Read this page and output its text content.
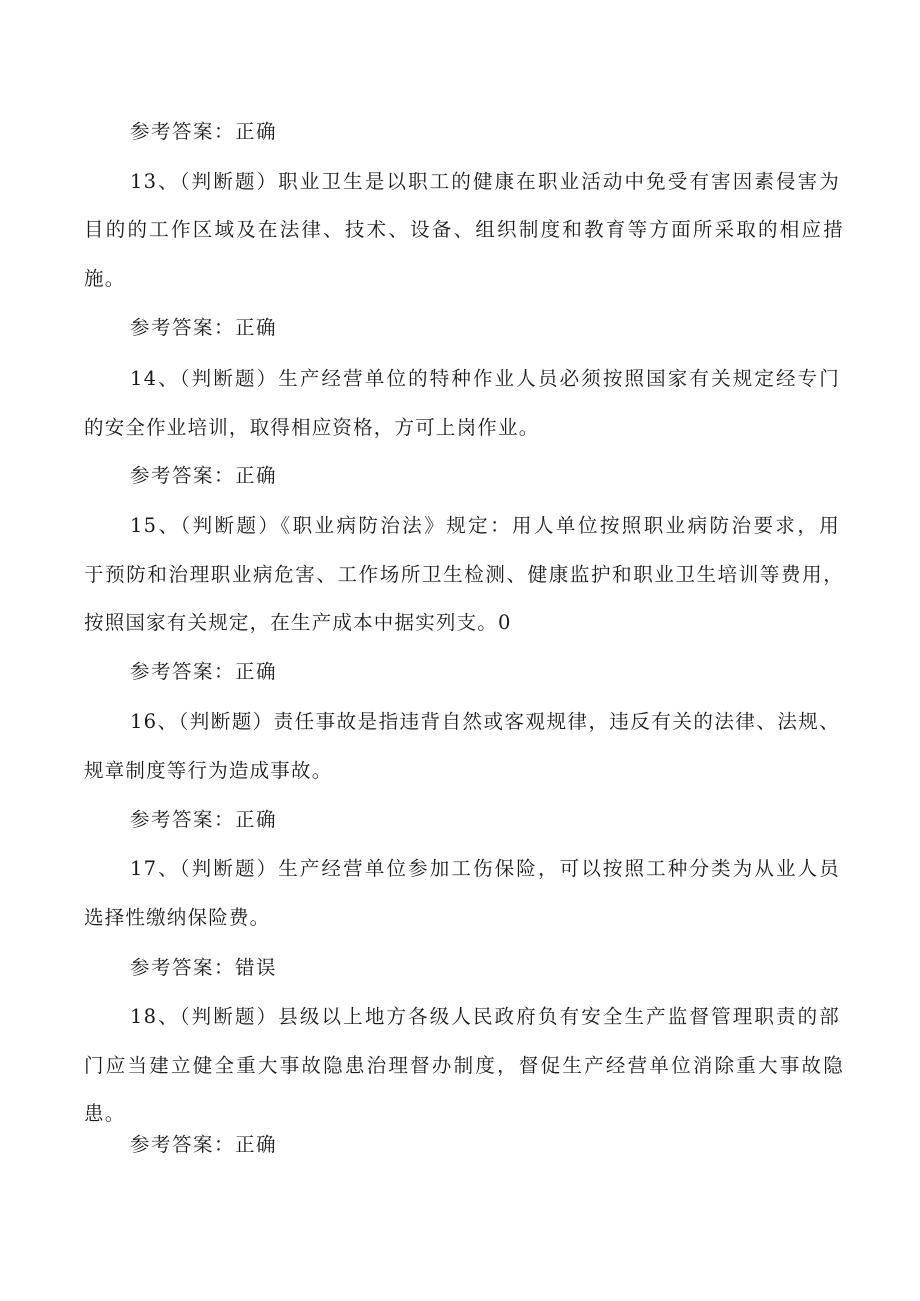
参考答案：正确
13、（判断题）职业卫生是以职工的健康在职业活动中免受有害因素侵害为
目的的工作区域及在法律、技术、设备、组织制度和教育等方面所采取的相应措
施。
参考答案：正确
14、（判断题）生产经营单位的特种作业人员必须按照国家有关规定经专门
的安全作业培训，取得相应资格，方可上岗作业。
参考答案：正确
15、（判断题）《职业病防治法》规定：用人单位按照职业病防治要求，用
于预防和治理职业病危害、工作场所卫生检测、健康监护和职业卫生培训等费用，
按照国家有关规定，在生产成本中据实列支。0
参考答案：正确
16、（判断题）责任事故是指违背自然或客观规律，违反有关的法律、法规、
规章制度等行为造成事故。
参考答案：正确
17、（判断题）生产经营单位参加工伤保险，可以按照工种分类为从业人员
选择性缴纳保险费。
参考答案：错误
18、（判断题）县级以上地方各级人民政府负有安全生产监督管理职责的部
门应当建立健全重大事故隐患治理督办制度，督促生产经营单位消除重大事故隐
患。
参考答案：正确
